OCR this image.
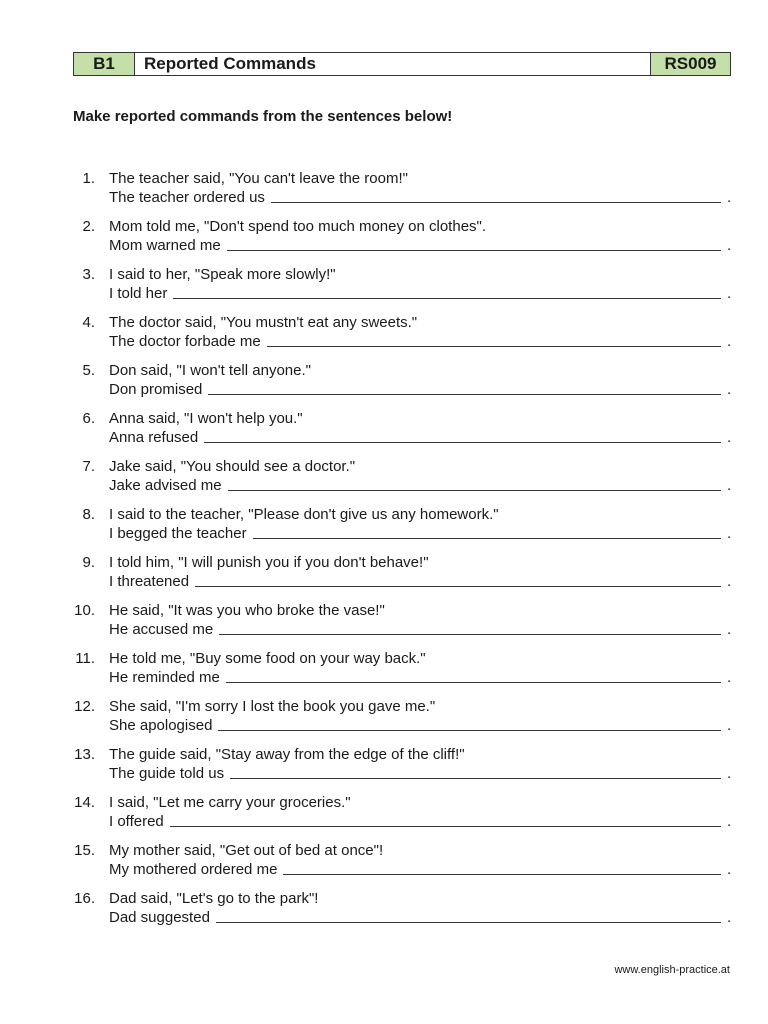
B1	Reported Commands	RS009
Make reported commands from the sentences below!
1. The teacher said, "You can't leave the room!"
The teacher ordered us	.
2. Mom told me, "Don't spend too much money on clothes".
Mom warned me	.
3. I said to her, "Speak more slowly!"
I told her	.
4. The doctor said, "You mustn't eat any sweets."
The doctor forbade me	.
5. Don said, "I won't tell anyone."
Don promised	.
6. Anna said, "I won't help you."
Anna refused	.
7. Jake said, "You should see a doctor."
Jake advised me	.
8. I said to the teacher, "Please don't give us any homework."
I begged the teacher	.
9. I told him, "I will punish you if you don't behave!"
I threatened	.
10. He said, "It was you who broke the vase!"
He accused me	.
11. He told me, "Buy some food on your way back."
He reminded me	.
12. She said, "I'm sorry I lost the book you gave me."
She apologised	.
13. The guide said, "Stay away from the edge of the cliff!"
The guide told us	.
14. I said, "Let me carry your groceries."
I offered	.
15. My mother said, "Get out of bed at once"!
My mothered ordered me	.
16. Dad said, "Let's go to the park"!
Dad suggested	.
www.english-practice.at
